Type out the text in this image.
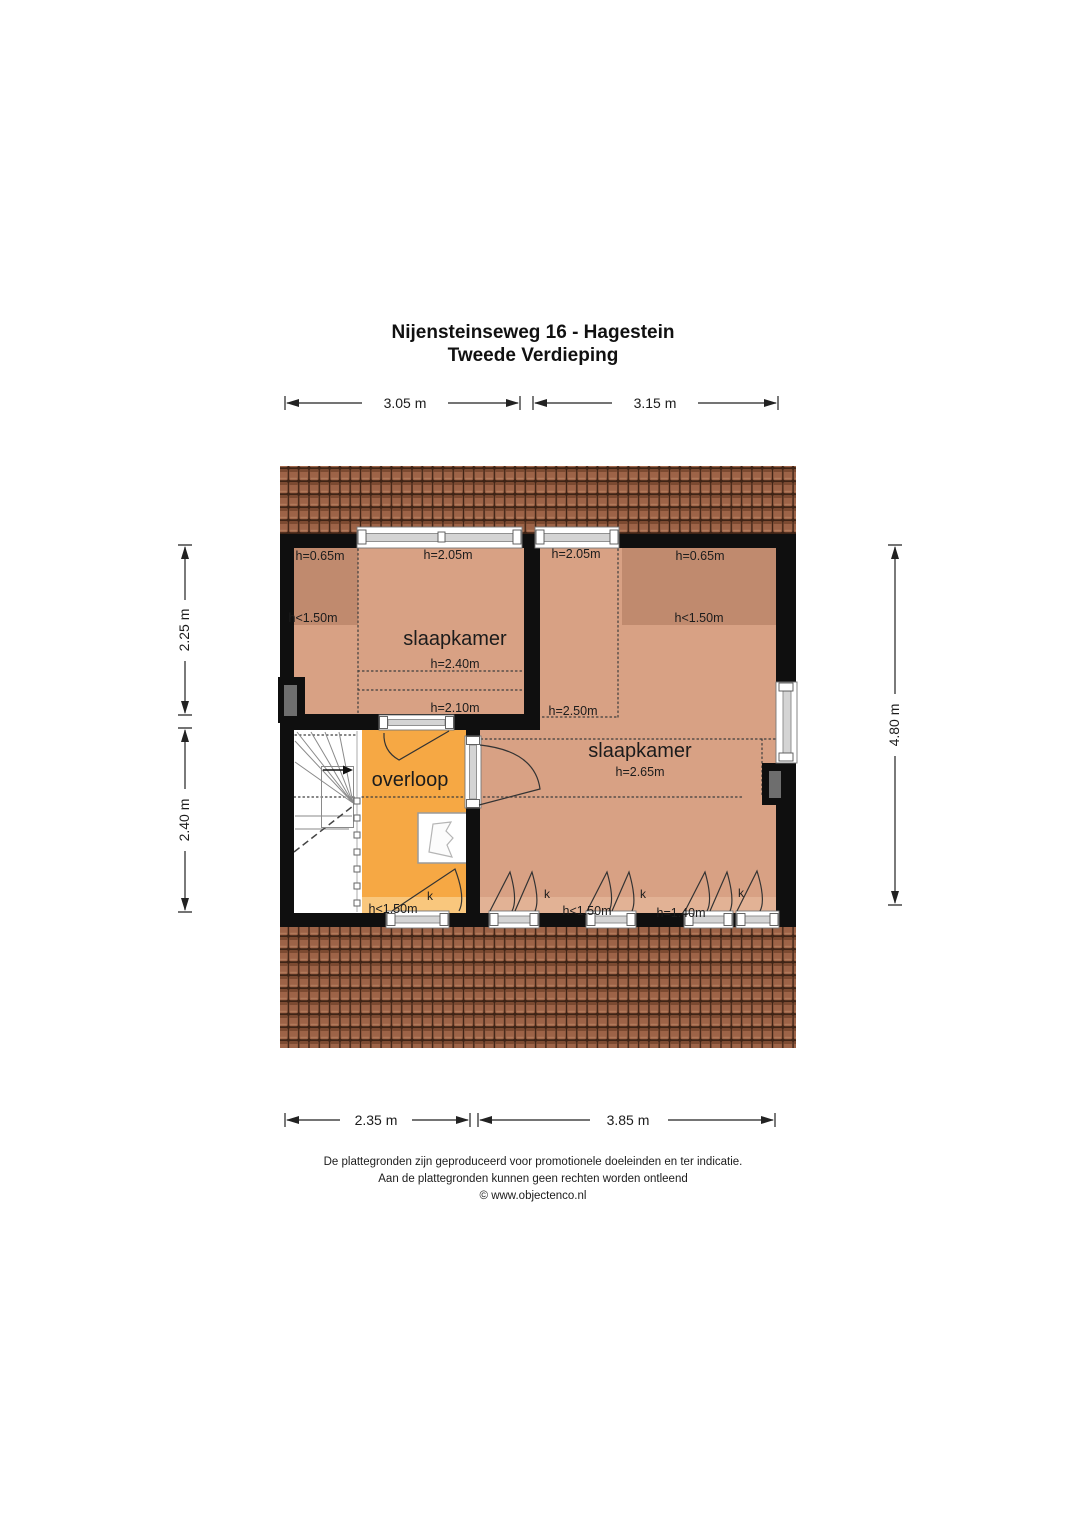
Nijensteinseweg 16 - Hagestein
Tweede Verdieping
h=0.65m	h=2.05m	h=2.05m	h=0.65m
h<1.50m	h<1.50m
slaapkamer
h=2.40m
h=2.10m	h=2.50m
slaapkamer
h=2.65m
overloop
h<1.50m	h<1.50m	h=1.40m
k	k	k	k
3.05 m	3.15 m
2.25 m
2.40 m
4.80 m
2.35 m	3.85 m
De plattegronden zijn geproduceerd voor promotionele doeleinden en ter indicatie.
Aan de plattegronden kunnen geen rechten worden ontleend
© www.objectenco.nl
